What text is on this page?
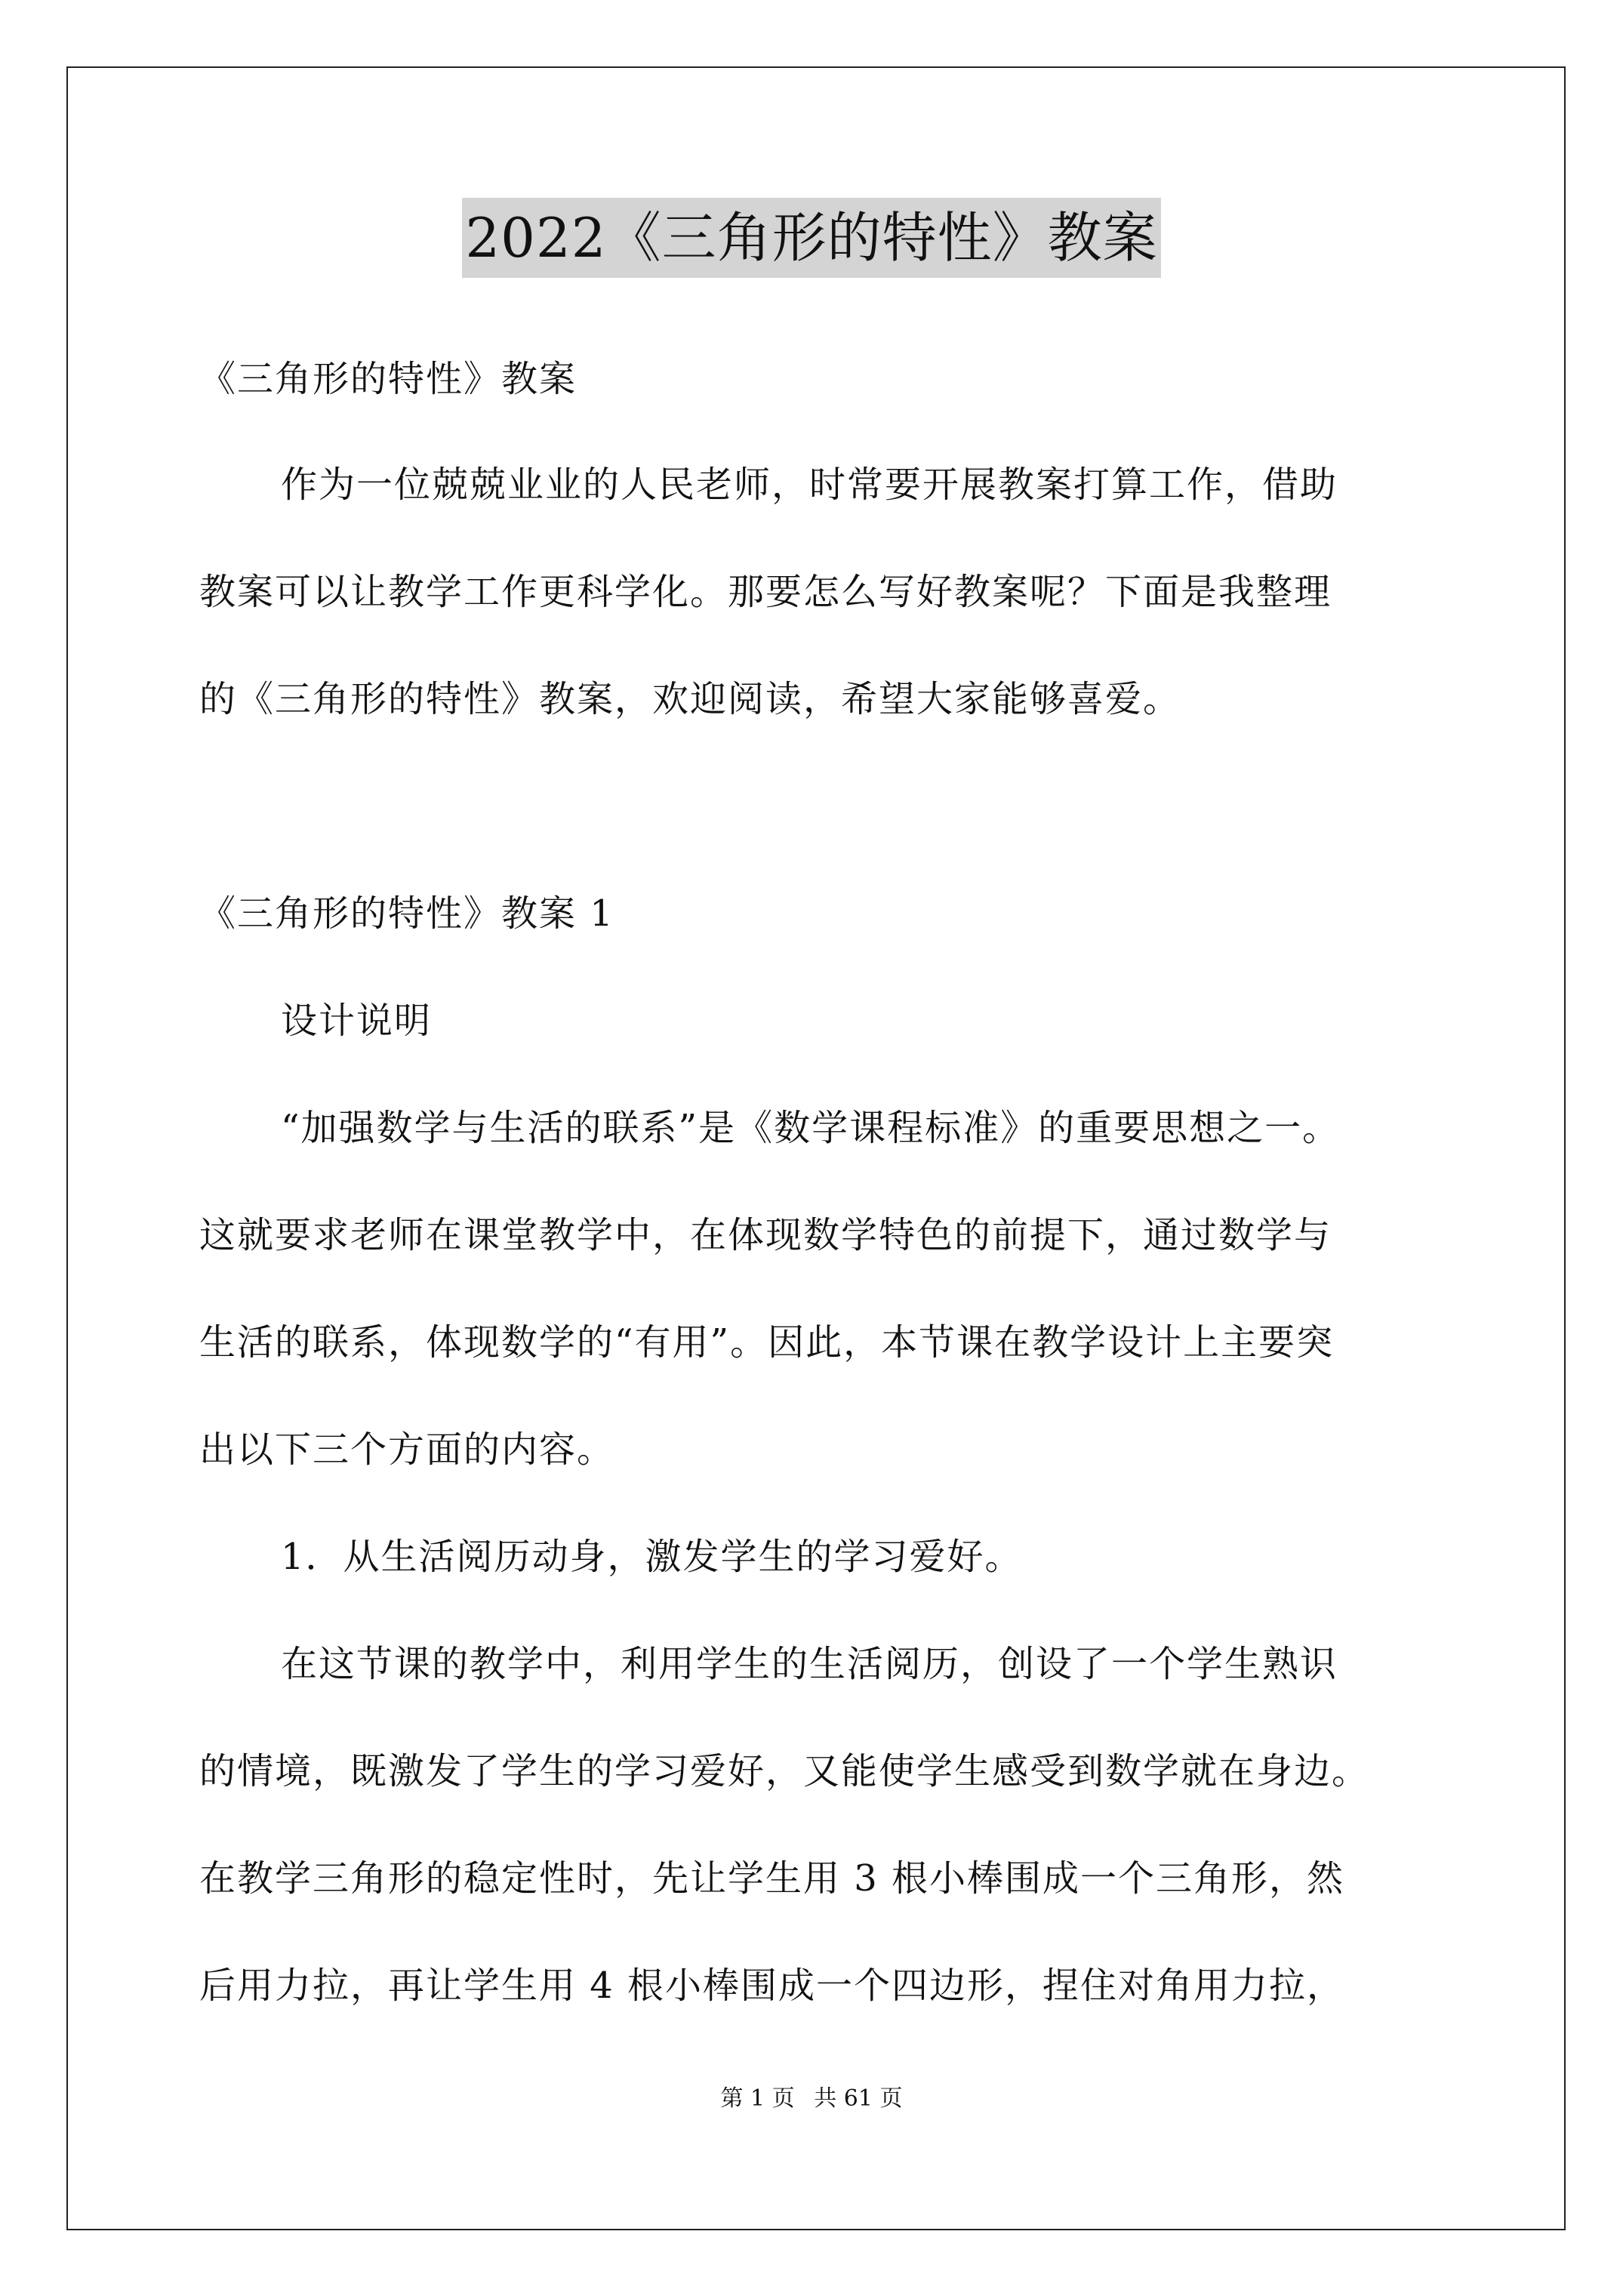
2022《三角形的特性》教案
《三角形的特性》教案
作为一位兢兢业业的人民老师，时常要开展教案打算工作，借助
教案可以让教学工作更科学化。那要怎么写好教案呢？下面是我整理
的《三角形的特性》教案，欢迎阅读，希望大家能够喜爱。
《三角形的特性》教案 1
设计说明
“加强数学与生活的联系”是《数学课程标准》的重要思想之一。
这就要求老师在课堂教学中，在体现数学特色的前提下，通过数学与
生活的联系，体现数学的“有用”。因此，本节课在教学设计上主要突
出以下三个方面的内容。
1．从生活阅历动身，激发学生的学习爱好。
在这节课的教学中，利用学生的生活阅历，创设了一个学生熟识
的情境，既激发了学生的学习爱好，又能使学生感受到数学就在身边。
在教学三角形的稳定性时，先让学生用 3 根小棒围成一个三角形，然
后用力拉，再让学生用 4 根小棒围成一个四边形，捏住对角用力拉，
第 1 页 共 61 页
